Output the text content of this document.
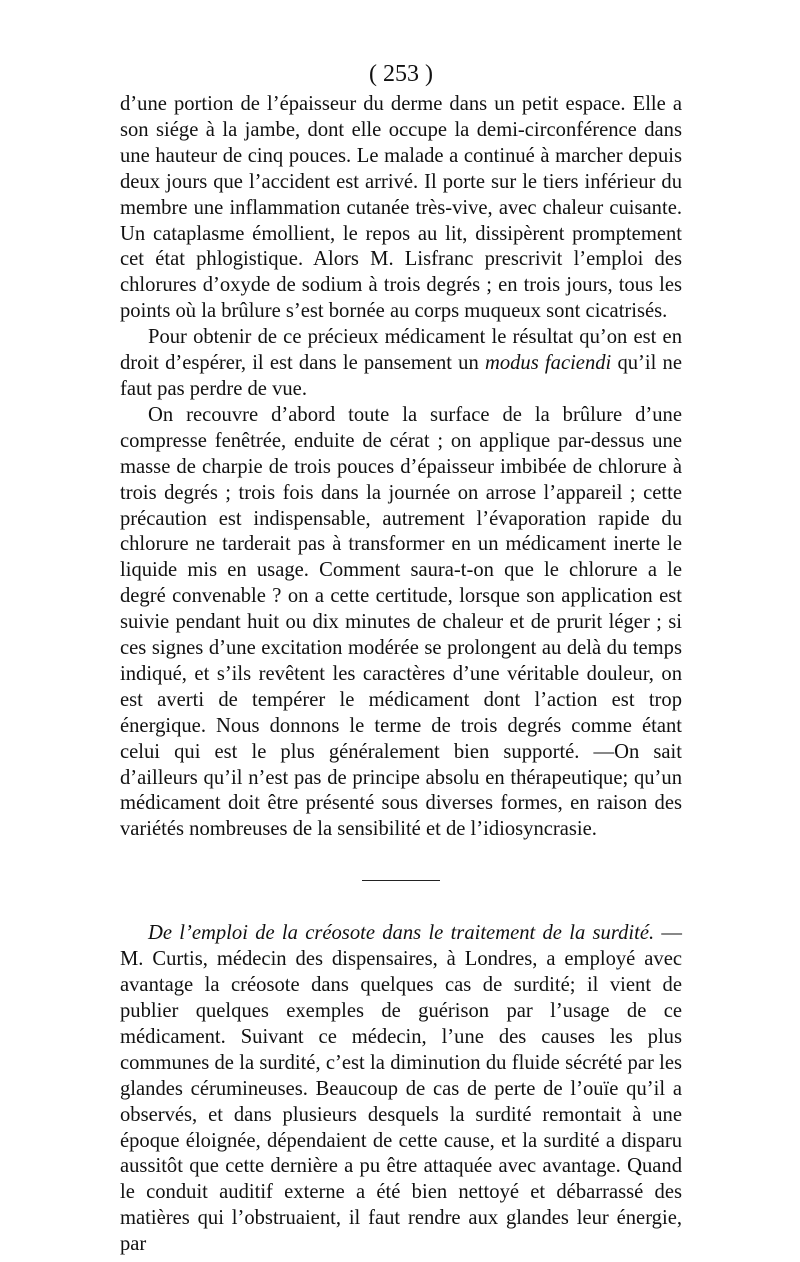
( 253 )

d’une portion de l’épaisseur du derme dans un petit espace. Elle a son siége à la jambe, dont elle occupe la demi-circonférence dans une hauteur de cinq pouces. Le malade a continué à marcher depuis deux jours que l’accident est arrivé. Il porte sur le tiers inférieur du membre une inflammation cutanée très-vive, avec chaleur cuisante. Un cataplasme émollient, le repos au lit, dissipèrent promptement cet état phlogistique. Alors M. Lisfranc prescrivit l’emploi des chlorures d’oxyde de sodium à trois degrés ; en trois jours, tous les points où la brûlure s’est bornée au corps muqueux sont cicatrisés.

Pour obtenir de ce précieux médicament le résultat qu’on est en droit d’espérer, il est dans le pansement un modus faciendi qu’il ne faut pas perdre de vue.

On recouvre d’abord toute la surface de la brûlure d’une compresse fenêtrée, enduite de cérat ; on applique par-dessus une masse de charpie de trois pouces d’épaisseur imbibée de chlorure à trois degrés ; trois fois dans la journée on arrose l’appareil ; cette précaution est indispensable, autrement l’évaporation rapide du chlorure ne tarderait pas à transformer en un médicament inerte le liquide mis en usage. Comment saura-t-on que le chlorure a le degré convenable ? on a cette certitude, lorsque son application est suivie pendant huit ou dix minutes de chaleur et de prurit léger ; si ces signes d’une excitation modérée se prolongent au delà du temps indiqué, et s’ils revêtent les caractères d’une véritable douleur, on est averti de tempérer le médicament dont l’action est trop énergique. Nous donnons le terme de trois degrés comme étant celui qui est le plus généralement bien supporté. —On sait d’ailleurs qu’il n’est pas de principe absolu en thérapeutique; qu’un médicament doit être présenté sous diverses formes, en raison des variétés nombreuses de la sensibilité et de l’idiosyncrasie.

De l’emploi de la créosote dans le traitement de la surdité. — M. Curtis, médecin des dispensaires, à Londres, a employé avec avantage la créosote dans quelques cas de surdité; il vient de publier quelques exemples de guérison par l’usage de ce médicament. Suivant ce médecin, l’une des causes les plus communes de la surdité, c’est la diminution du fluide sécrété par les glandes cérumineuses. Beaucoup de cas de perte de l’ouïe qu’il a observés, et dans plusieurs desquels la surdité remontait à une époque éloignée, dépendaient de cette cause, et la surdité a disparu aussitôt que cette dernière a pu être attaquée avec avantage. Quand le conduit auditif externe a été bien nettoyé et débarrassé des matières qui l’obstruaient, il faut rendre aux glandes leur énergie, par
